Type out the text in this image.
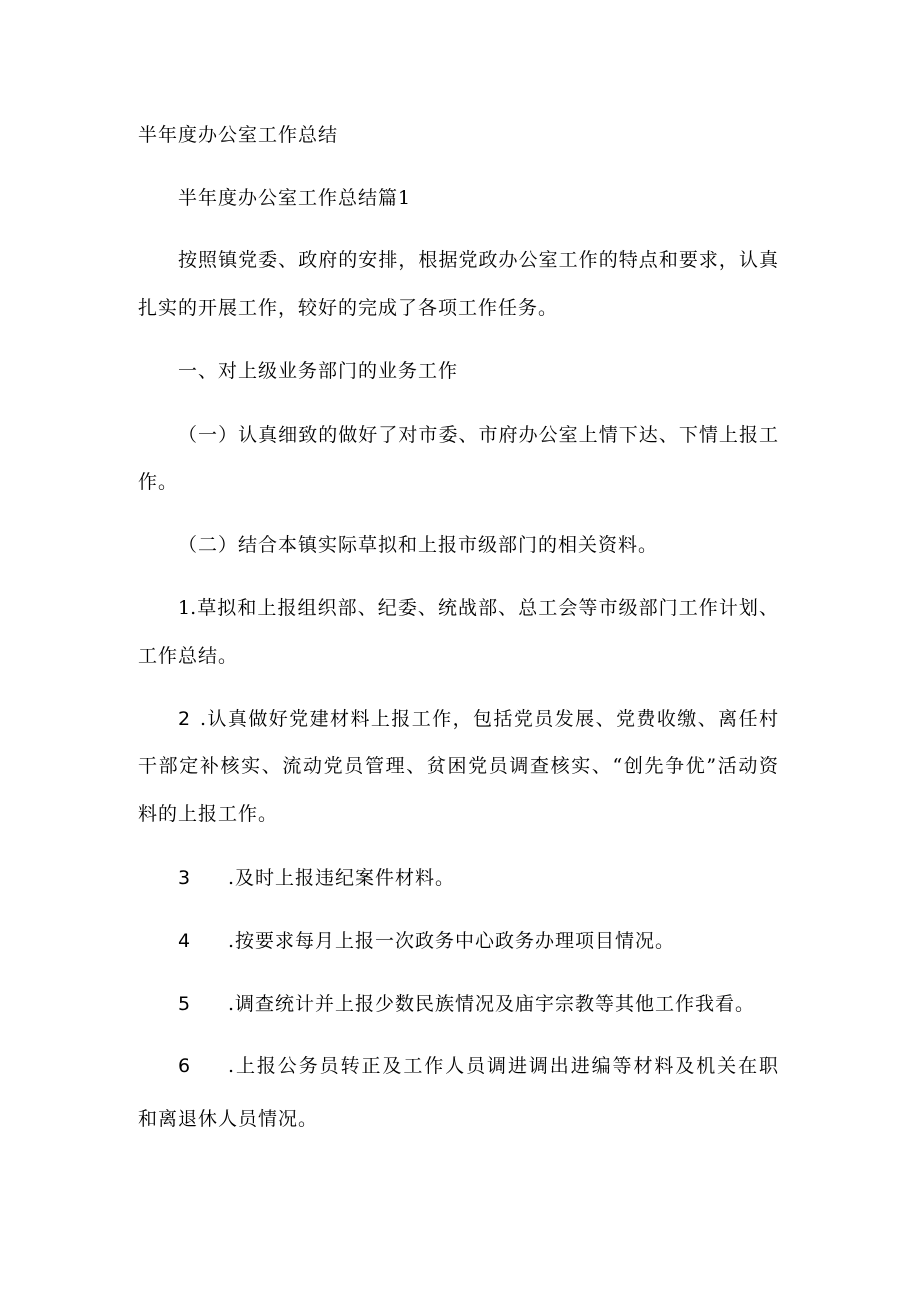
半年度办公室工作总结
半年度办公室工作总结篇1
按照镇党委、政府的安排，根据党政办公室工作的特点和要求，认真
扎实的开展工作，较好的完成了各项工作任务。
一、对上级业务部门的业务工作
（一）认真细致的做好了对市委、市府办公室上情下达、下情上报工
作。
（二）结合本镇实际草拟和上报市级部门的相关资料。
1.草拟和上报组织部、纪委、统战部、总工会等市级部门工作计划、
工作总结。
2 .认真做好党建材料上报工作，包括党员发展、党费收缴、离任村
干部定补核实、流动党员管理、贫困党员调查核实、“创先争优”活动资
料的上报工作。
3 .及时上报违纪案件材料。
4 .按要求每月上报一次政务中心政务办理项目情况。
5 .调查统计并上报少数民族情况及庙宇宗教等其他工作我看。
6 .上报公务员转正及工作人员调进调出进编等材料及机关在职
和离退休人员情况。
